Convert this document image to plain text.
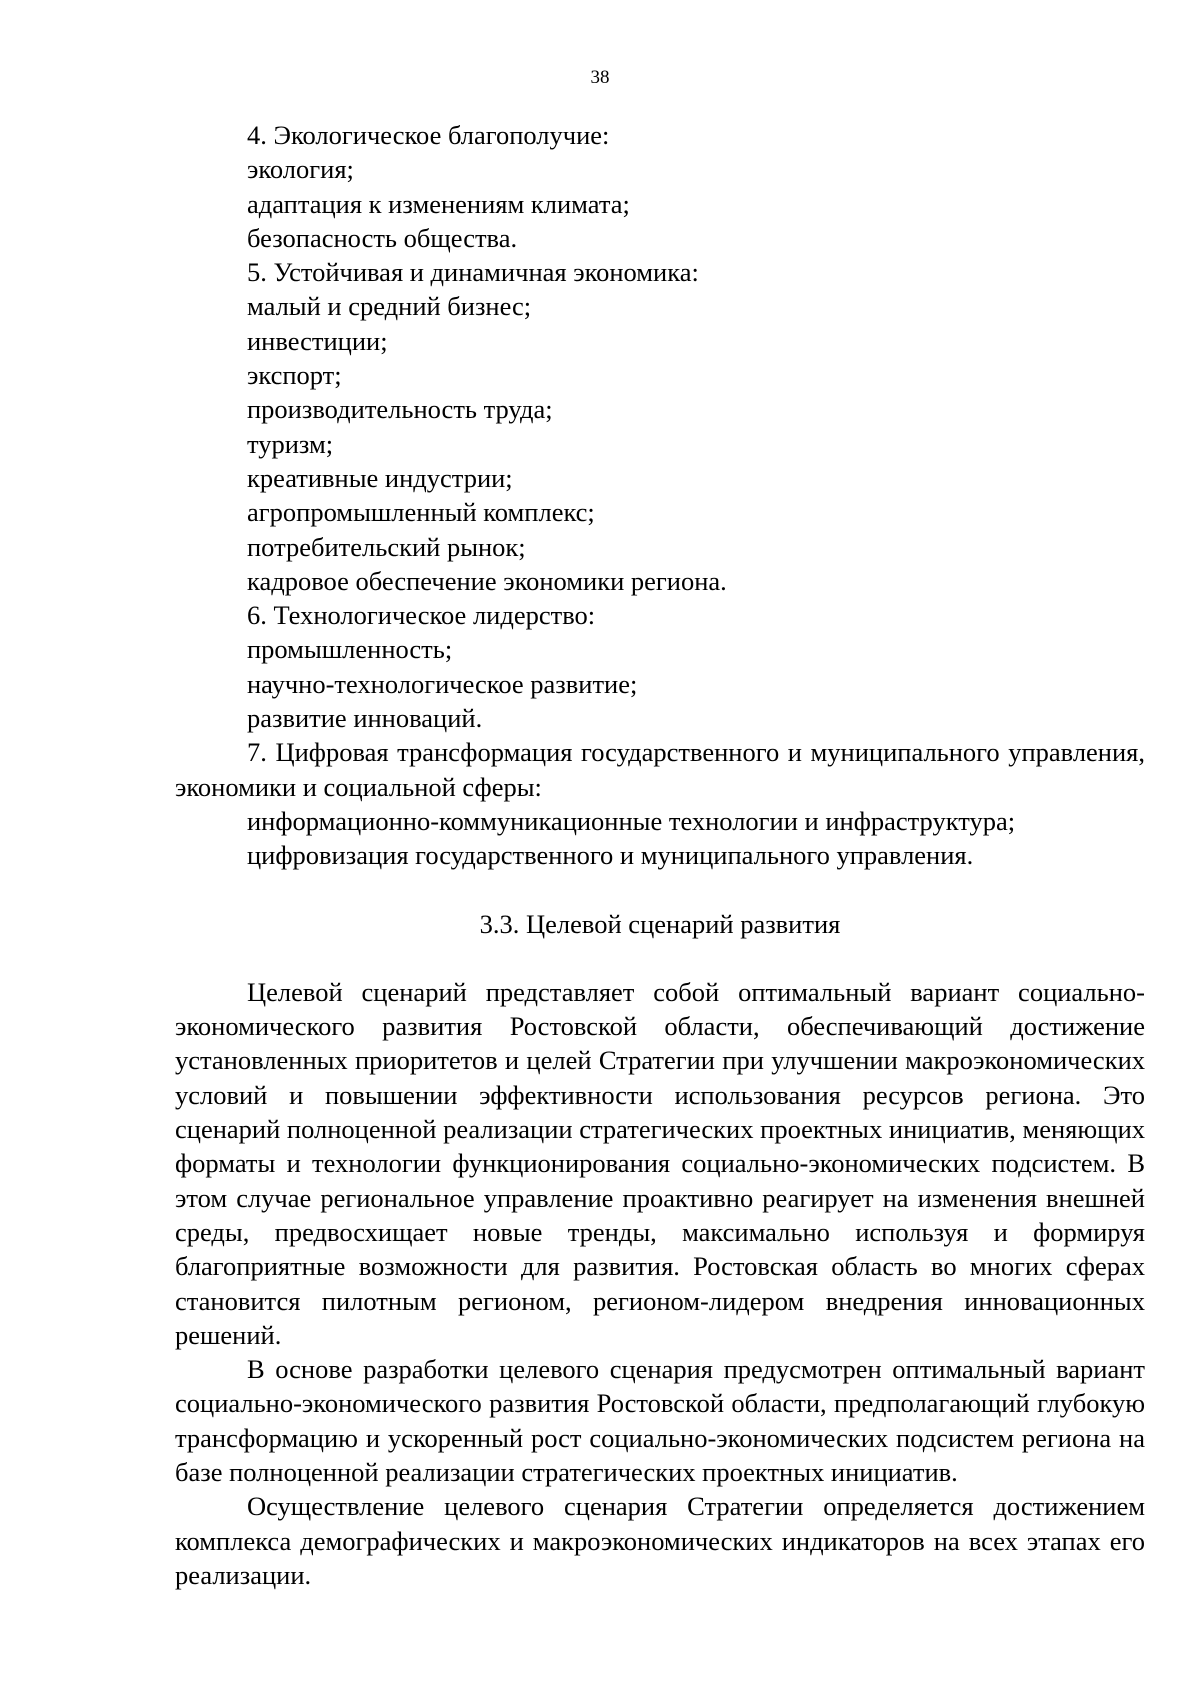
38
4. Экологическое благополучие:
экология;
адаптация к изменениям климата;
безопасность общества.
5. Устойчивая и динамичная экономика:
малый и средний бизнес;
инвестиции;
экспорт;
производительность труда;
туризм;
креативные индустрии;
агропромышленный комплекс;
потребительский рынок;
кадровое обеспечение экономики региона.
6. Технологическое лидерство:
промышленность;
научно-технологическое развитие;
развитие инноваций.

7. Цифровая трансформация государственного и муниципального управления, экономики и социальной сферы:

информационно-коммуникационные технологии и инфраструктура;
цифровизация государственного и муниципального управления.
3.3. Целевой сценарий развития

Целевой сценарий представляет собой оптимальный вариант социально-экономического развития Ростовской области, обеспечивающий достижение установленных приоритетов и целей Стратегии при улучшении макроэкономических условий и повышении эффективности использования ресурсов региона. Это сценарий полноценной реализации стратегических проектных инициатив, меняющих форматы и технологии функционирования социально-экономических подсистем. В этом случае региональное управление проактивно реагирует на изменения внешней среды, предвосхищает новые тренды, максимально используя и формируя благоприятные возможности для развития. Ростовская область во многих сферах становится пилотным регионом, регионом-лидером внедрения инновационных решений.

В основе разработки целевого сценария предусмотрен оптимальный вариант социально-экономического развития Ростовской области, предполагающий глубокую трансформацию и ускоренный рост социально-экономических подсистем региона на базе полноценной реализации стратегических проектных инициатив.

Осуществление целевого сценария Стратегии определяется достижением комплекса демографических и макроэкономических индикаторов на всех этапах его реализации.
